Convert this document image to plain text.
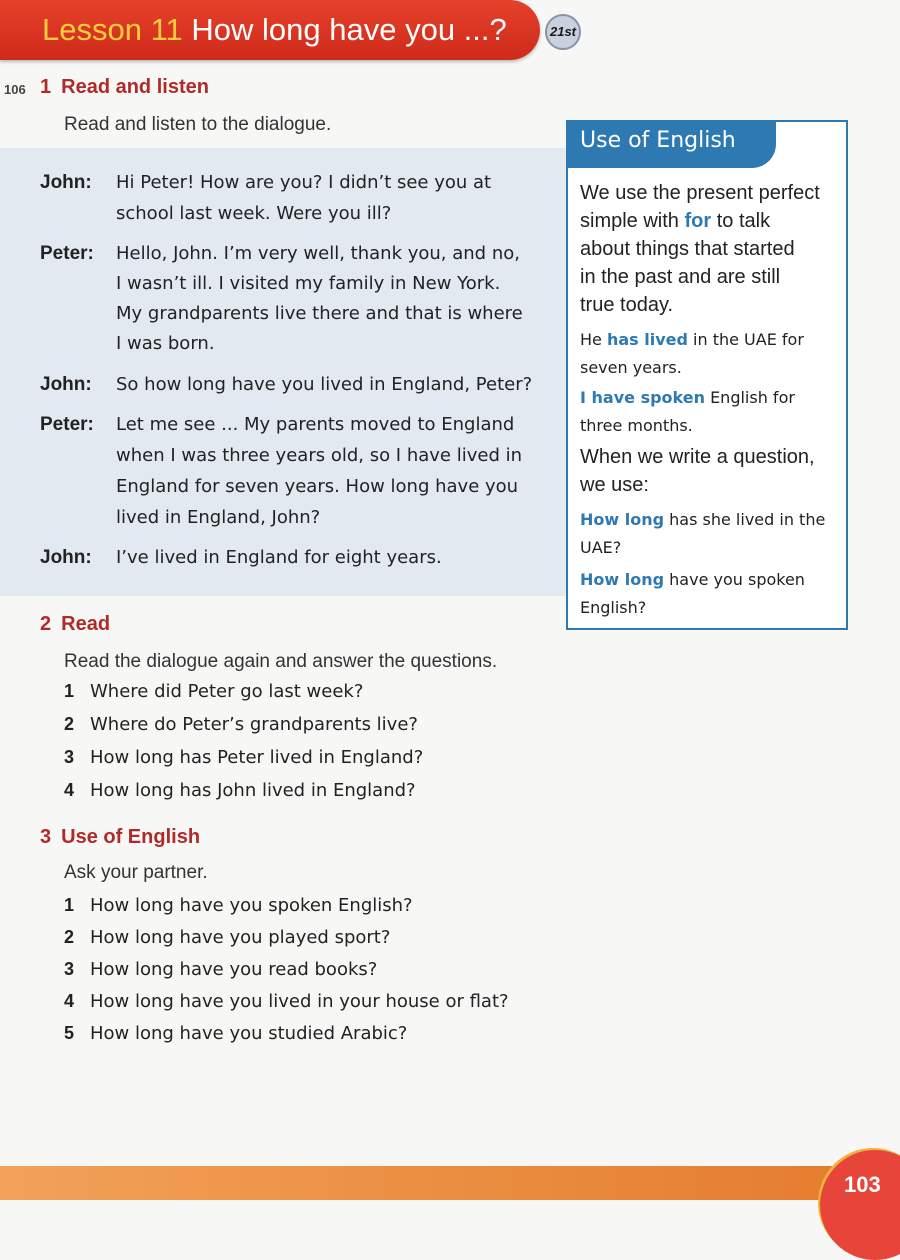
Lesson 11 How long have you ...?	21st
106 1 Read and listen
Read and listen to the dialogue.
John: Hi Peter! How are you? I didn’t see you at
school last week. Were you ill?
Peter: Hello, John. I’m very well, thank you, and no,
I wasn’t ill. I visited my family in New York.
My grandparents live there and that is where
I was born.
John: So how long have you lived in England, Peter?
Peter: Let me see ... My parents moved to England
when I was three years old, so I have lived in
England for seven years. How long have you
lived in England, John?
John: I’ve lived in England for eight years.
Use of English
We use the present perfect
simple with for to talk
about things that started
in the past and are still
true today.
He has lived in the UAE for
seven years.
I have spoken English for
three months.
When we write a question,
we use:
How long has she lived in the
UAE?
How long have you spoken
English?
2 Read
Read the dialogue again and answer the questions.
1 Where did Peter go last week?
2 Where do Peter’s grandparents live?
3 How long has Peter lived in England?
4 How long has John lived in England?
3 Use of English
Ask your partner.
1 How long have you spoken English?
2 How long have you played sport?
3 How long have you read books?
4 How long have you lived in your house or flat?
5 How long have you studied Arabic?
103
